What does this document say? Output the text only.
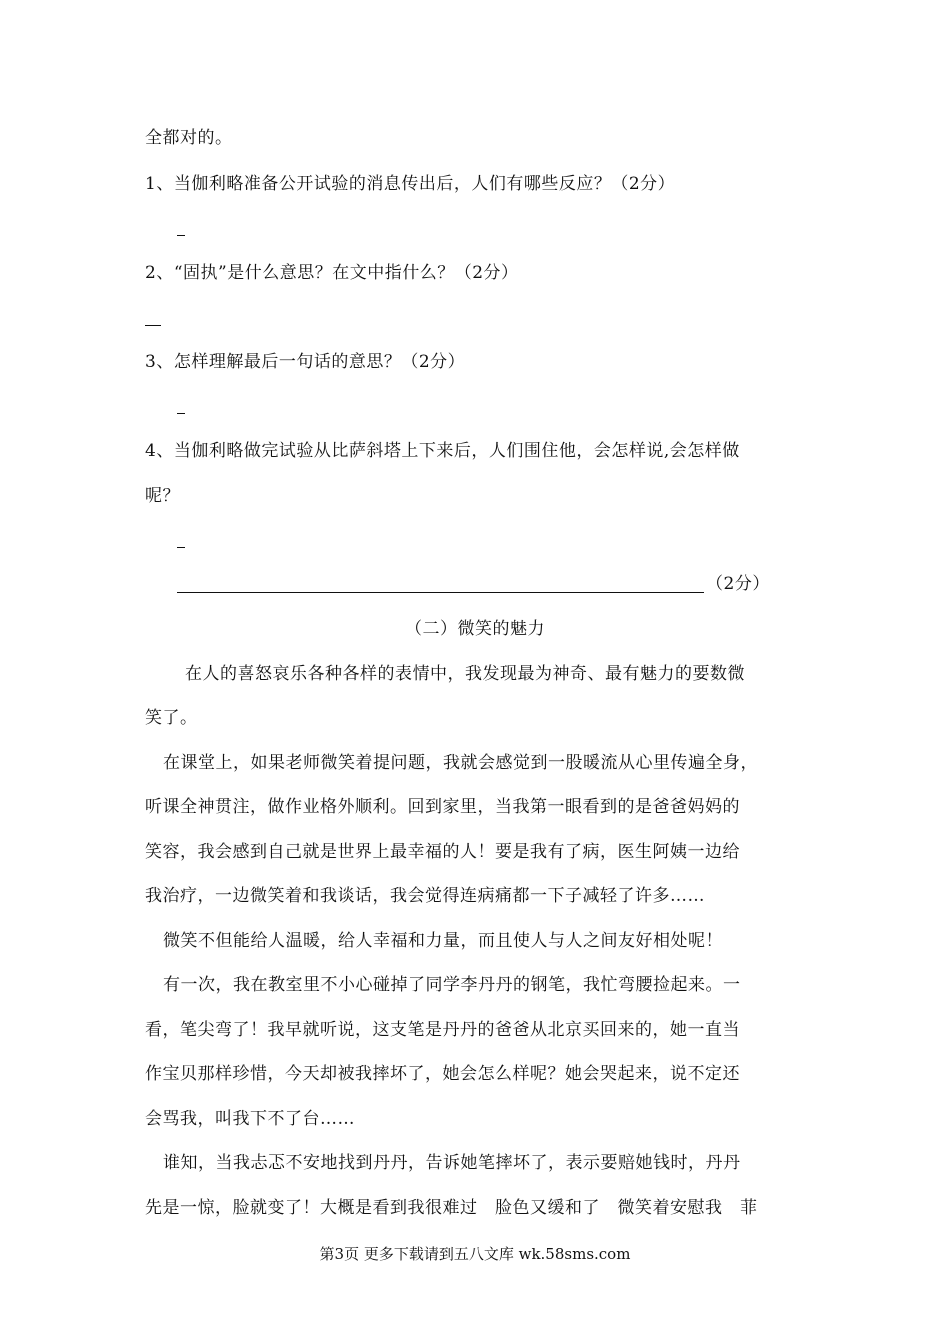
全都对的。
1、当伽利略准备公开试验的消息传出后，人们有哪些反应？（2分）
2、“固执”是什么意思？在文中指什么？（2分）
3、怎样理解最后一句话的意思？（2分）
4、当伽利略做完试验从比萨斜塔上下来后，人们围住他，会怎样说,会怎样做
呢？
（2分）
（二）微笑的魅力
在人的喜怒哀乐各种各样的表情中，我发现最为神奇、最有魅力的要数微
笑了。
在课堂上，如果老师微笑着提问题，我就会感觉到一股暖流从心里传遍全身，
听课全神贯注，做作业格外顺利。回到家里，当我第一眼看到的是爸爸妈妈的
笑容，我会感到自己就是世界上最幸福的人！要是我有了病，医生阿姨一边给
我治疗，一边微笑着和我谈话，我会觉得连病痛都一下子减轻了许多……
微笑不但能给人温暖，给人幸福和力量，而且使人与人之间友好相处呢！
有一次，我在教室里不小心碰掉了同学李丹丹的钢笔，我忙弯腰捡起来。一
看，笔尖弯了！我早就听说，这支笔是丹丹的爸爸从北京买回来的，她一直当
作宝贝那样珍惜，今天却被我摔坏了，她会怎么样呢？她会哭起来，说不定还
会骂我，叫我下不了台……
谁知，当我忐忑不安地找到丹丹，告诉她笔摔坏了，表示要赔她钱时，丹丹
先是一惊，脸就变了！大概是看到我很难过　脸色又缓和了　微笑着安慰我　菲
第3页 更多下载请到五八文库 wk.58sms.com
